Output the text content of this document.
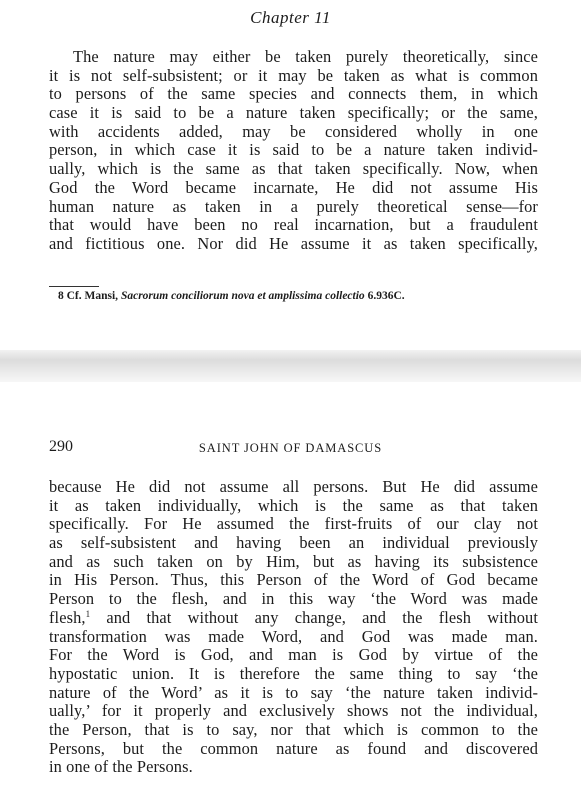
Chapter 11
The nature may either be taken purely theoretically, since
it is not self-subsistent; or it may be taken as what is common
to persons of the same species and connects them, in which
case it is said to be a nature taken specifically; or the same,
with accidents added, may be considered wholly in one
person, in which case it is said to be a nature taken individ-
ually, which is the same as that taken specifically. Now, when
God the Word became incarnate, He did not assume His
human nature as taken in a purely theoretical sense—for
that would have been no real incarnation, but a fraudulent
and fictitious one. Nor did He assume it as taken specifically,
8 Cf. Mansi, Sacrorum conciliorum nova et amplissima collectio 6.936C.
290	SAINT JOHN OF DAMASCUS
because He did not assume all persons. But He did assume
it as taken individually, which is the same as that taken
specifically. For He assumed the first-fruits of our clay not
as self-subsistent and having been an individual previously
and as such taken on by Him, but as having its subsistence
in His Person. Thus, this Person of the Word of God became
Person to the flesh, and in this way ‘the Word was made
flesh,$^1$ and that without any change, and the flesh without
transformation was made Word, and God was made man.
For the Word is God, and man is God by virtue of the
hypostatic union. It is therefore the same thing to say ‘the
nature of the Word’ as it is to say ‘the nature taken individ-
ually,’ for it properly and exclusively shows not the individual,
the Person, that is to say, nor that which is common to the
Persons, but the common nature as found and discovered
in one of the Persons.
